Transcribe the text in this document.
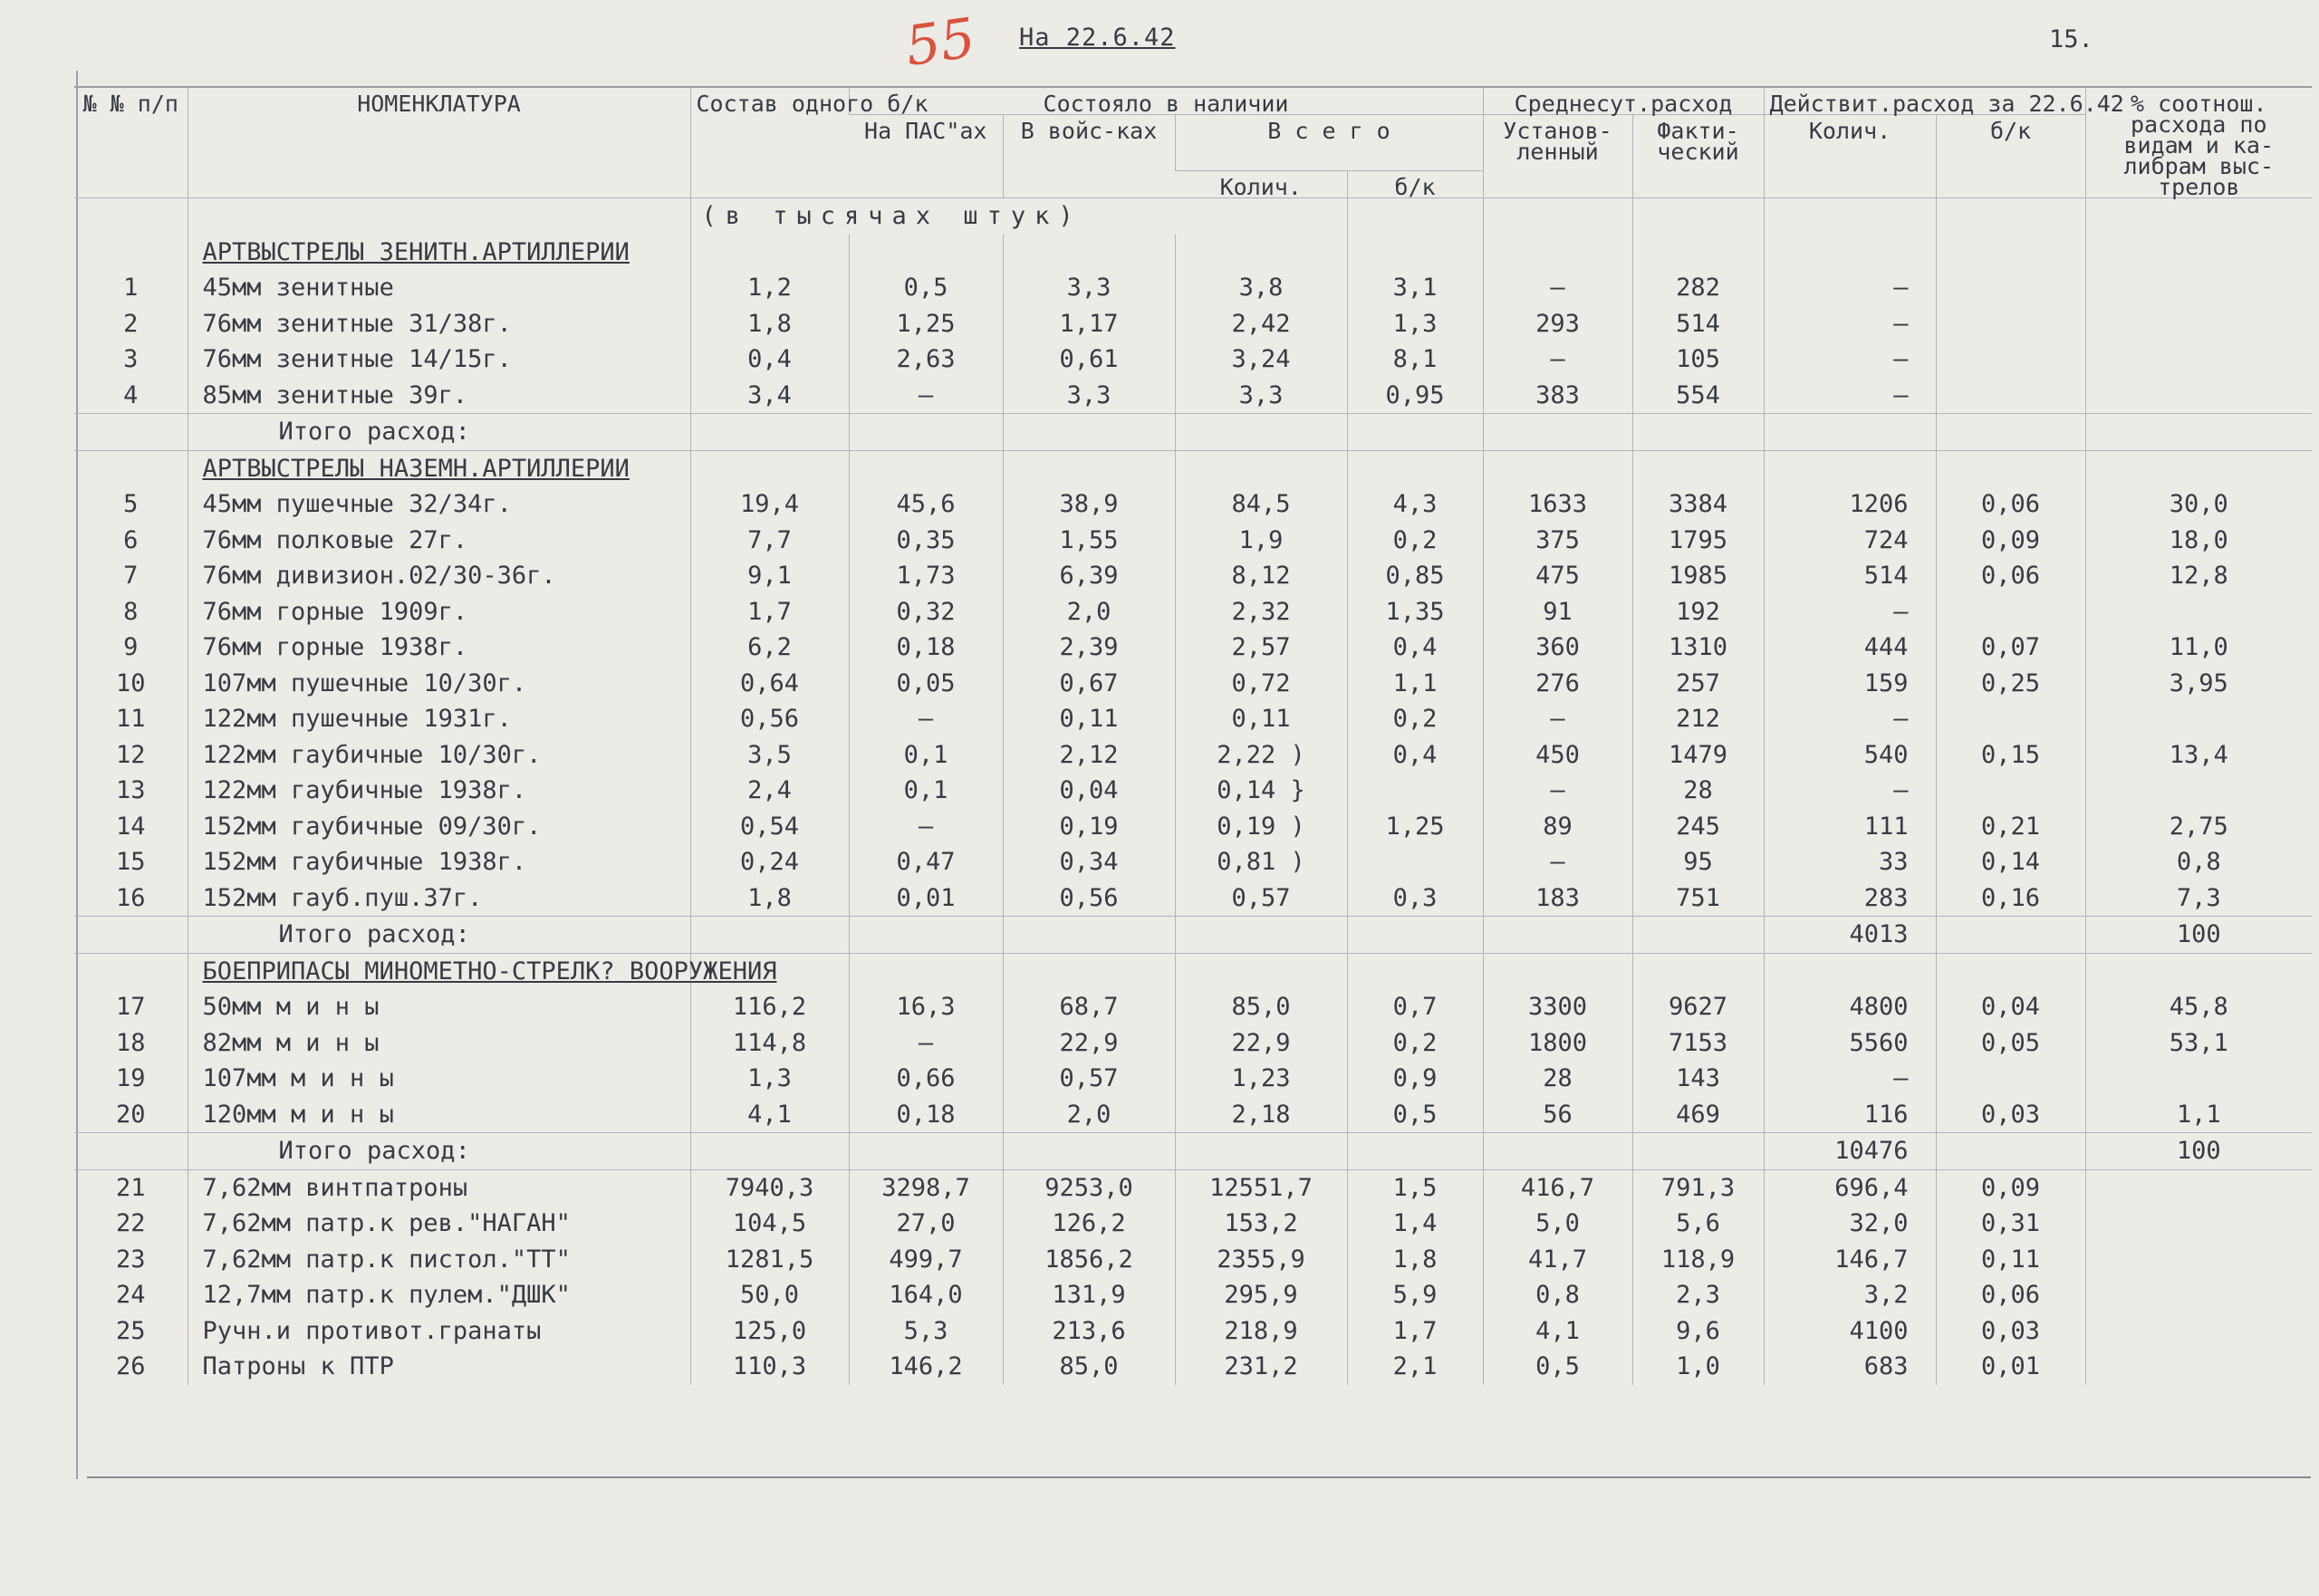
55 На 22.6.42	15.
№ № п/п	НОМЕНКЛАТУРА	Состав одного б/к	Состояло в наличии				Среднесут.расход		Действит.расход за 22.6.42		% соотнош. расхода по видам и ка-либрам выс-трелов
			На ПАС"ах	В войс-ках	В с е г о		Установ-ленный	Факти-ческий	Колич.	б/к	
					Колич.	б/к					
		(в тысячах штук)									
	АРТВЫСТРЕЛЫ ЗЕНИТН.АРТИЛЛЕРИИ										
1	45мм зенитные	1,2	0,5	3,3	3,8	3,1	–	282	–		
2	76мм зенитные 31/38г.	1,8	1,25	1,17	2,42	1,3	293	514	–		
3	76мм зенитные 14/15г.	0,4	2,63	0,61	3,24	8,1	–	105	–		
4	85мм зенитные 39г.	3,4	–	3,3	3,3	0,95	383	554	–		
	Итого расход:										
	АРТВЫСТРЕЛЫ НАЗЕМН.АРТИЛЛЕРИИ										
5	45мм пушечные 32/34г.	19,4	45,6	38,9	84,5	4,3	1633	3384	1206	0,06	30,0
6	76мм полковые 27г.	7,7	0,35	1,55	1,9	0,2	375	1795	724	0,09	18,0
7	76мм дивизион.02/30-36г.	9,1	1,73	6,39	8,12	0,85	475	1985	514	0,06	12,8
8	76мм горные 1909г.	1,7	0,32	2,0	2,32	1,35	91	192	–		
9	76мм горные 1938г.	6,2	0,18	2,39	2,57	0,4	360	1310	444	0,07	11,0
10	107мм пушечные 10/30г.	0,64	0,05	0,67	0,72	1,1	276	257	159	0,25	3,95
11	122мм пушечные 1931г.	0,56	–	0,11	0,11	0,2	–	212	–		
12	122мм гаубичные 10/30г.	3,5	0,1	2,12	2,22 )	0,4	450	1479	540	0,15	13,4
13	122мм гаубичные 1938г.	2,4	0,1	0,04	0,14 }		–	28	–		
14	152мм гаубичные 09/30г.	0,54	–	0,19	0,19 )	1,25	89	245	111	0,21	2,75
15	152мм гаубичные 1938г.	0,24	0,47	0,34	0,81 )		–	95	33	0,14	0,8
16	152мм гауб.пуш.37г.	1,8	0,01	0,56	0,57	0,3	183	751	283	0,16	7,3
	Итого расход:								4013		100
	БОЕПРИПАСЫ МИНОМЕТНО-СТРЕЛК? ВООРУЖЕНИЯ										
17	50мм м и н ы	116,2	16,3	68,7	85,0	0,7	3300	9627	4800	0,04	45,8
18	82мм м и н ы	114,8	–	22,9	22,9	0,2	1800	7153	5560	0,05	53,1
19	107мм м и н ы	1,3	0,66	0,57	1,23	0,9	28	143	–		
20	120мм м и н ы	4,1	0,18	2,0	2,18	0,5	56	469	116	0,03	1,1
	Итого расход:								10476		100
21	7,62мм винтпатроны	7940,3	3298,7	9253,0	12551,7	1,5	416,7	791,3	696,4	0,09	
22	7,62мм патр.к рев."НАГАН"	104,5	27,0	126,2	153,2	1,4	5,0	5,6	32,0	0,31	
23	7,62мм патр.к пистол."ТТ"	1281,5	499,7	1856,2	2355,9	1,8	41,7	118,9	146,7	0,11	
24	12,7мм патр.к пулем."ДШК"	50,0	164,0	131,9	295,9	5,9	0,8	2,3	3,2	0,06	
25	Ручн.и противот.гранаты	125,0	5,3	213,6	218,9	1,7	4,1	9,6	4100	0,03	
26	Патроны к ПТР	110,3	146,2	85,0	231,2	2,1	0,5	1,0	683	0,01	
